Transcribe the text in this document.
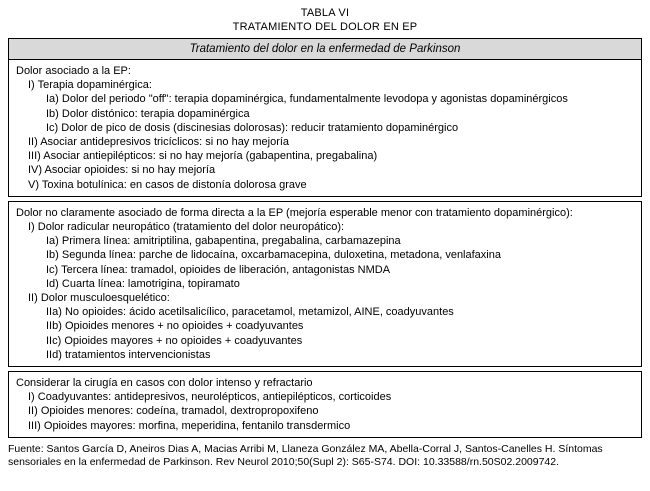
TABLA VI
TRATAMIENTO DEL DOLOR EN EP
Tratamiento del dolor en la enfermedad de Parkinson
Dolor asociado a la EP:
I) Terapia dopaminérgica:
Ia) Dolor del periodo "off": terapia dopaminérgica, fundamentalmente levodopa y agonistas dopaminérgicos
Ib) Dolor distónico: terapia dopaminérgica
Ic) Dolor de pico de dosis (discinesias dolorosas): reducir tratamiento dopaminérgico
II) Asociar antidepresivos tricíclicos: si no hay mejoría
III) Asociar antiepilépticos: si no hay mejoría (gabapentina, pregabalina)
IV) Asociar opioides: si no hay mejoría
V) Toxina botulínica: en casos de distonía dolorosa grave
Dolor no claramente asociado de forma directa a la EP (mejoría esperable menor con tratamiento dopaminérgico):
I) Dolor radicular neuropático (tratamiento del dolor neuropático):
Ia) Primera línea: amitriptilina, gabapentina, pregabalina, carbamazepina
Ib) Segunda línea: parche de lidocaína, oxcarbamacepina, duloxetina, metadona, venlafaxina
Ic) Tercera línea: tramadol, opioides de liberación, antagonistas NMDA
Id) Cuarta línea: lamotrigina, topiramato
II) Dolor musculoesquelético:
IIa) No opioides: ácido acetilsalicílico, paracetamol, metamizol, AINE, coadyuvantes
IIb) Opioides menores + no opioides + coadyuvantes
IIc) Opioides mayores + no opioides + coadyuvantes
IId) tratamientos intervencionistas
Considerar la cirugía en casos con dolor intenso y refractario
I) Coadyuvantes: antidepresivos, neurolépticos, antiepilépticos, corticoides
II) Opioides menores: codeína, tramadol, dextropropoxifeno
III) Opioides mayores: morfina, meperidina, fentanilo transdermico
Fuente: Santos García D, Aneiros Dias A, Macias Arribi M, Llaneza González MA, Abella-Corral J, Santos-Canelles H. Síntomas sensoriales en la enfermedad de Parkinson. Rev Neurol 2010;50(Supl 2): S65-S74. DOI: 10.33588/rn.50S02.2009742.
